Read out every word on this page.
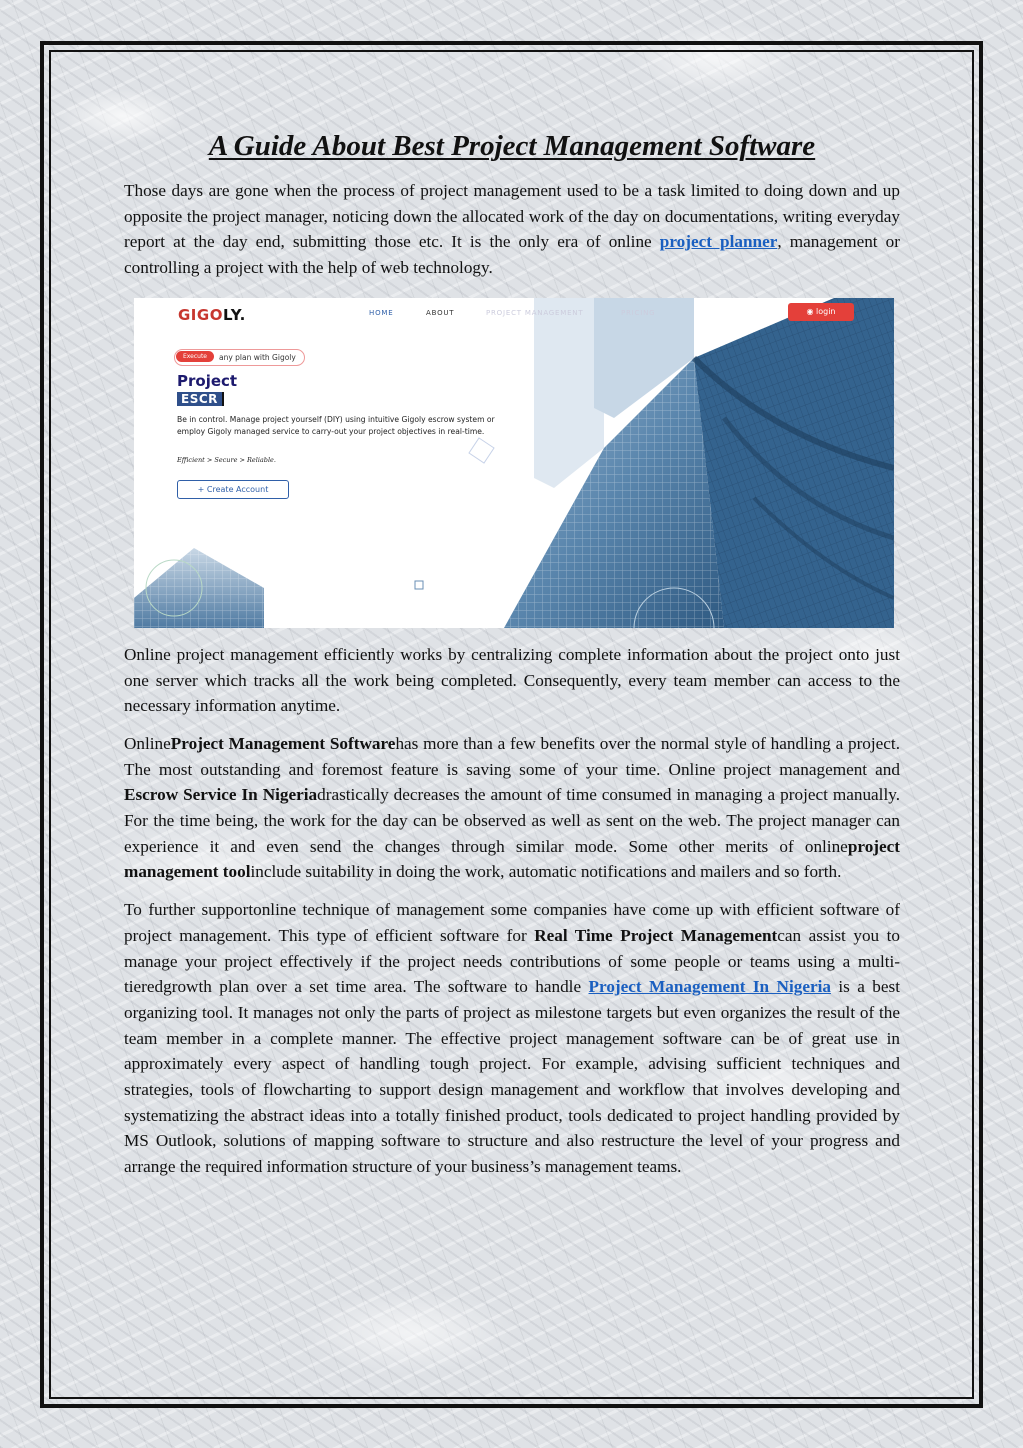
A Guide About Best Project Management Software

Those days are gone when the process of project management used to be a task limited to doing down and up opposite the project manager, noticing down the allocated work of the day on documentations, writing everyday report at the day end, submitting those etc. It is the only era of online project planner, management or controlling a project with the help of web technology.

GIGOLY.	HOME	ABOUT	PROJECT MANAGEMENT	PRICING	◉ login
Execute any plan with Gigoly
Project
ESCR
Be in control. Manage project yourself (DIY) using intuitive Gigoly escrow system or employ Gigoly managed service to carry-out your project objectives in real-time.
Efficient > Secure > Reliable.
+ Create Account

Online project management efficiently works by centralizing complete information about the project onto just one server which tracks all the work being completed. Consequently, every team member can access to the necessary information anytime.

OnlineProject Management Softwarehas more than a few benefits over the normal style of handling a project. The most outstanding and foremost feature is saving some of your time. Online project management and Escrow Service In Nigeriadrastically decreases the amount of time consumed in managing a project manually. For the time being, the work for the day can be observed as well as sent on the web. The project manager can experience it and even send the changes through similar mode. Some other merits of onlineproject management toolinclude suitability in doing the work, automatic notifications and mailers and so forth.

To further supportonline technique of management some companies have come up with efficient software of project management. This type of efficient software for Real Time Project Managementcan assist you to manage your project effectively if the project needs contributions of some people or teams using a multi-tieredgrowth plan over a set time area. The software to handle Project Management In Nigeria is a best organizing tool. It manages not only the parts of project as milestone targets but even organizes the result of the team member in a complete manner. The effective project management software can be of great use in approximately every aspect of handling tough project. For example, advising sufficient techniques and strategies, tools of flowcharting to support design management and workflow that involves developing and systematizing the abstract ideas into a totally finished product, tools dedicated to project handling provided by MS Outlook, solutions of mapping software to structure and also restructure the level of your progress and arrange the required information structure of your business’s management teams.
